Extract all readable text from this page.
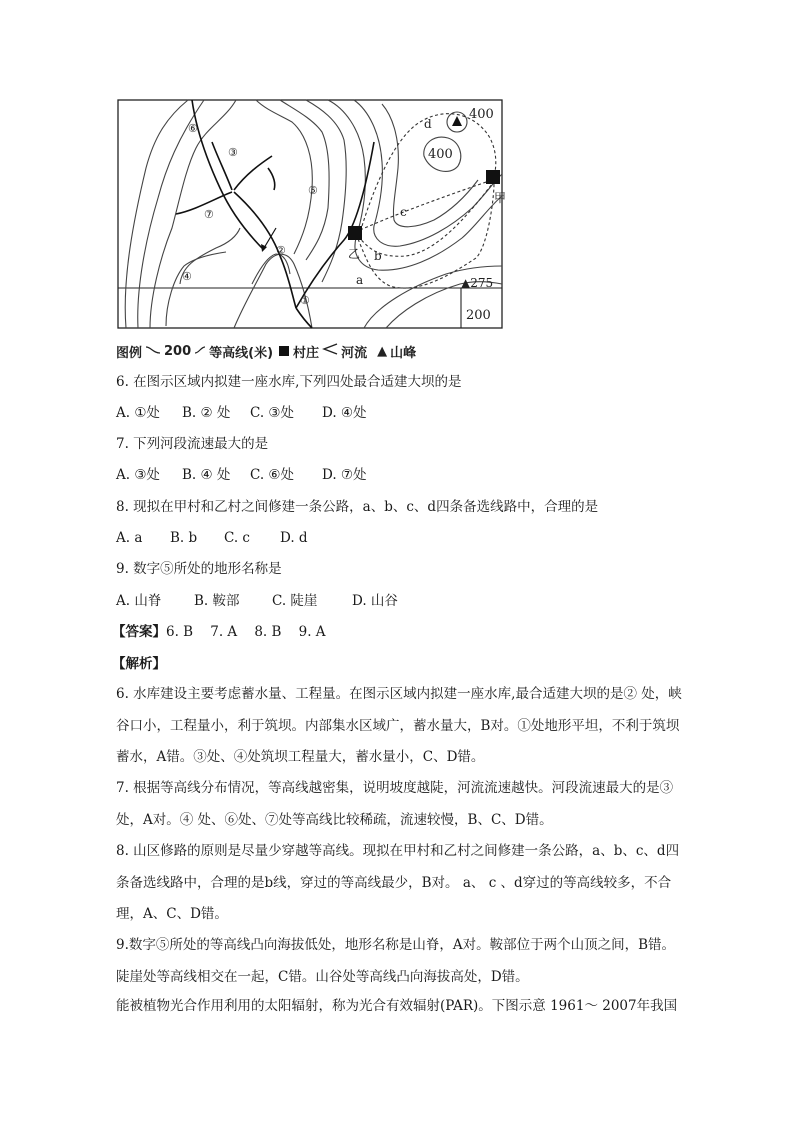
400
400
200
▲275
甲
乙
a
b
c
d
①
②
③
④
⑤
⑥
⑦
图例 200 等高线(米) 村庄 河流 ▲ 山峰
6. 在图示区域内拟建一座水库,下列四处最合适建大坝的是
A. ①处 B. ② 处 C. ③处 D. ④处
7. 下列河段流速最大的是
A. ③处 B. ④ 处 C. ⑥处 D. ⑦处
8. 现拟在甲村和乙村之间修建一条公路，a、b、c、d四条备选线路中，合理的是
A. a B. b C. c D. d
9. 数字⑤所处的地形名称是
A. 山脊 B. 鞍部 C. 陡崖	D. 山谷
【答案】6. B    7. A    8. B    9. A
【解析】
6. 水库建设主要考虑蓄水量、工程量。在图示区域内拟建一座水库,最合适建大坝的是② 处，峡谷口小，工程量小，利于筑坝。内部集水区域广，蓄水量大，B对。①处地形平坦，不利于筑坝蓄水，A错。③处、④处筑坝工程量大，蓄水量小，C、D错。
7. 根据等高线分布情况，等高线越密集，说明坡度越陡，河流流速越快。河段流速最大的是③处，A对。④ 处、⑥处、⑦处等高线比较稀疏，流速较慢，B、C、D错。
8. 山区修路的原则是尽量少穿越等高线。现拟在甲村和乙村之间修建一条公路，a、b、c、d四条备选线路中，合理的是b线，穿过的等高线最少，B对。 a、 c 、d穿过的等高线较多，不合理，A、C、D错。
9.数字⑤所处的等高线凸向海拔低处，地形名称是山脊，A对。鞍部位于两个山顶之间，B错。陡崖处等高线相交在一起，C错。山谷处等高线凸向海拔高处，D错。
能被植物光合作用利用的太阳辐射，称为光合有效辐射(PAR)。下图示意 1961～ 2007年我国
